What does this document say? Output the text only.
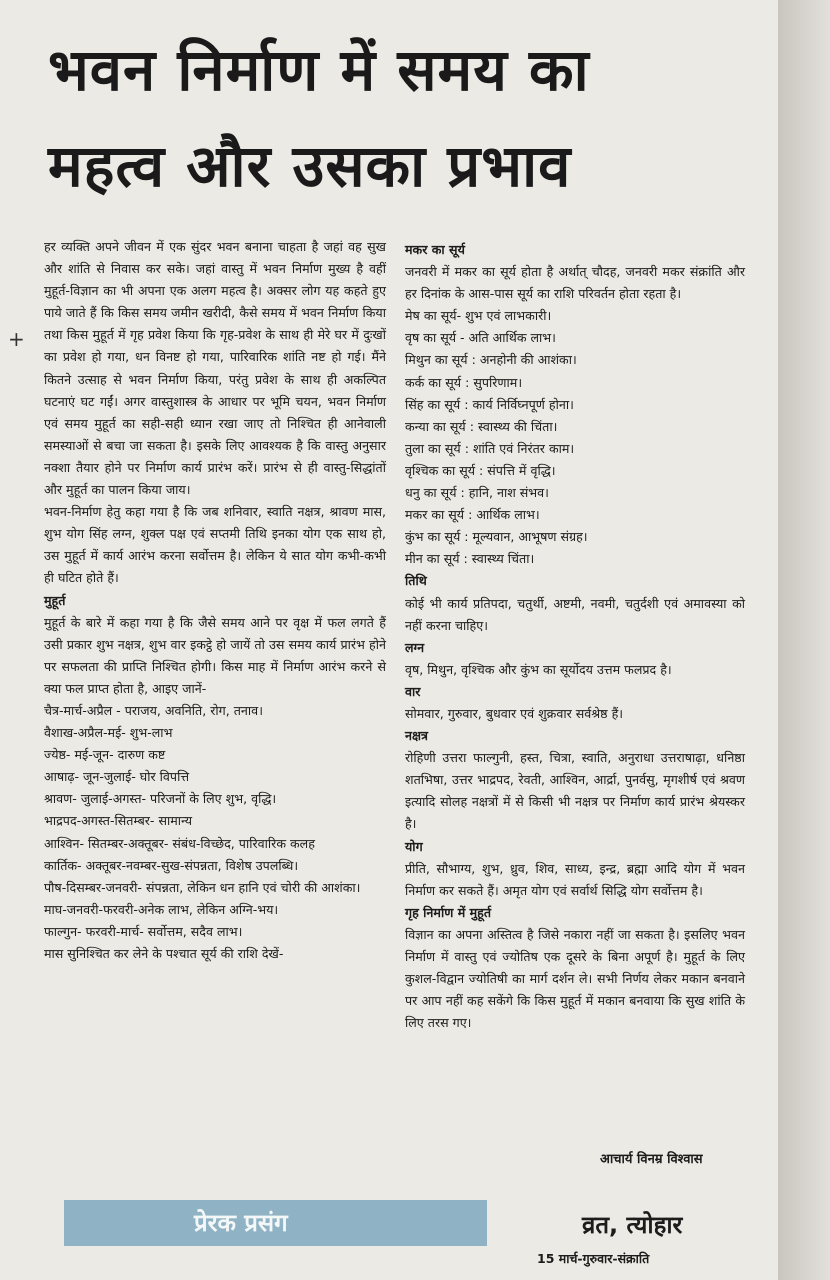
+
भवन निर्माण में समय का
महत्व और उसका प्रभाव

हर व्यक्ति अपने जीवन में एक सुंदर भवन बनाना चाहता है जहां वह सुख और शांति से निवास कर सके। जहां वास्तु में भवन निर्माण मुख्य है वहीं मुहूर्त-विज्ञान का भी अपना एक अलग महत्व है। अक्सर लोग यह कहते हुए पाये जाते हैं कि किस समय जमीन खरीदी, कैसे समय में भवन निर्माण किया तथा किस मुहूर्त में गृह प्रवेश किया कि गृह-प्रवेश के साथ ही मेरे घर में दुःखों का प्रवेश हो गया, धन विनष्ट हो गया, पारिवारिक शांति नष्ट हो गई। मैंने कितने उत्साह से भवन निर्माण किया, परंतु प्रवेश के साथ ही अकल्पित घटनाएं घट गईं। अगर वास्तुशास्त्र के आधार पर भूमि चयन, भवन निर्माण एवं समय मुहूर्त का सही-सही ध्यान रखा जाए तो निश्चित ही आनेवाली समस्याओं से बचा जा सकता है। इसके लिए आवश्यक है कि वास्तु अनुसार नक्शा तैयार होने पर निर्माण कार्य प्रारंभ करें। प्रारंभ से ही वास्तु-सिद्धांतों और मुहूर्त का पालन किया जाय।

भवन-निर्माण हेतु कहा गया है कि जब शनिवार, स्वाति नक्षत्र, श्रावण मास, शुभ योग सिंह लग्न, शुक्ल पक्ष एवं सप्तमी तिथि इनका योग एक साथ हो, उस मुहूर्त में कार्य आरंभ करना सर्वोत्तम है। लेकिन ये सात योग कभी-कभी ही घटित होते हैं।

मुहूर्त

मुहूर्त के बारे में कहा गया है कि जैसे समय आने पर वृक्ष में फल लगते हैं उसी प्रकार शुभ नक्षत्र, शुभ वार इकट्ठे हो जायें तो उस समय कार्य प्रारंभ होने पर सफलता की प्राप्ति निश्चित होगी। किस माह में निर्माण आरंभ करने से क्या फल प्राप्त होता है, आइए जानें-

चैत्र-मार्च-अप्रैल - पराजय, अवनिति, रोग, तनाव।

वैशाख-अप्रैल-मई- शुभ-लाभ

ज्येष्ठ- मई-जून- दारुण कष्ट

आषाढ़- जून-जुलाई- घोर विपत्ति

श्रावण- जुलाई-अगस्त- परिजनों के लिए शुभ, वृद्धि।

भाद्रपद-अगस्त-सितम्बर- सामान्य

आश्विन- सितम्बर-अक्तूबर- संबंध-विच्छेद, पारिवारिक कलह

कार्तिक- अक्तूबर-नवम्बर-सुख-संपन्नता, विशेष उपलब्धि।

पौष-दिसम्बर-जनवरी- संपन्नता, लेकिन धन हानि एवं चोरी की आशंका।

माघ-जनवरी-फरवरी-अनेक लाभ, लेकिन अग्नि-भय।

फाल्गुन- फरवरी-मार्च- सर्वोत्तम, सदैव लाभ।

मास सुनिश्चित कर लेने के पश्चात सूर्य की राशि देखें-

मकर का सूर्य

जनवरी में मकर का सूर्य होता है अर्थात् चौदह, जनवरी मकर संक्रांति और हर दिनांक के आस-पास सूर्य का राशि परिवर्तन होता रहता है।

मेष का सूर्य- शुभ एवं लाभकारी।

वृष का सूर्य - अति आर्थिक लाभ।

मिथुन का सूर्य : अनहोनी की आशंका।

कर्क का सूर्य : सुपरिणाम।

सिंह का सूर्य : कार्य निर्विघ्नपूर्ण होना।

कन्या का सूर्य : स्वास्थ्य की चिंता।

तुला का सूर्य : शांति एवं निरंतर काम।

वृश्चिक का सूर्य : संपत्ति में वृद्धि।

धनु का सूर्य : हानि, नाश संभव।

मकर का सूर्य : आर्थिक लाभ।

कुंभ का सूर्य : मूल्यवान, आभूषण संग्रह।

मीन का सूर्य : स्वास्थ्य चिंता।

तिथि

कोई भी कार्य प्रतिपदा, चतुर्थी, अष्टमी, नवमी, चतुर्दशी एवं अमावस्या को नहीं करना चाहिए।

लग्न

वृष, मिथुन, वृश्चिक और कुंभ का सूर्योदय उत्तम फलप्रद है।

वार

सोमवार, गुरुवार, बुधवार एवं शुक्रवार सर्वश्रेष्ठ हैं।

नक्षत्र

रोहिणी उत्तरा फाल्गुनी, हस्त, चित्रा, स्वाति, अनुराधा उत्तराषाढ़ा, धनिष्ठा शतभिषा, उत्तर भाद्रपद, रेवती, आश्विन, आर्द्रा, पुनर्वसु, मृगशीर्ष एवं श्रवण इत्यादि सोलह नक्षत्रों में से किसी भी नक्षत्र पर निर्माण कार्य प्रारंभ श्रेयस्कर है।

योग

प्रीति, सौभाग्य, शुभ, ध्रुव, शिव, साध्य, इन्द्र, ब्रह्मा आदि योग में भवन निर्माण कर सकते हैं। अमृत योग एवं सर्वार्थ सिद्धि योग सर्वोत्तम है।

गृह निर्माण में मुहूर्त

विज्ञान का अपना अस्तित्व है जिसे नकारा नहीं जा सकता है। इसलिए भवन निर्माण में वास्तु एवं ज्योतिष एक दूसरे के बिना अपूर्ण है। मुहूर्त के लिए कुशल-विद्वान ज्योतिषी का मार्ग दर्शन ले। सभी निर्णय लेकर मकान बनवाने पर आप नहीं कह सकेंगे कि किस मुहूर्त में मकान बनवाया कि सुख शांति के लिए तरस गए।

आचार्य विनम्र विश्वास
प्रेरक प्रसंग	व्रत, त्योहार
15 मार्च-गुरुवार-संक्राति
